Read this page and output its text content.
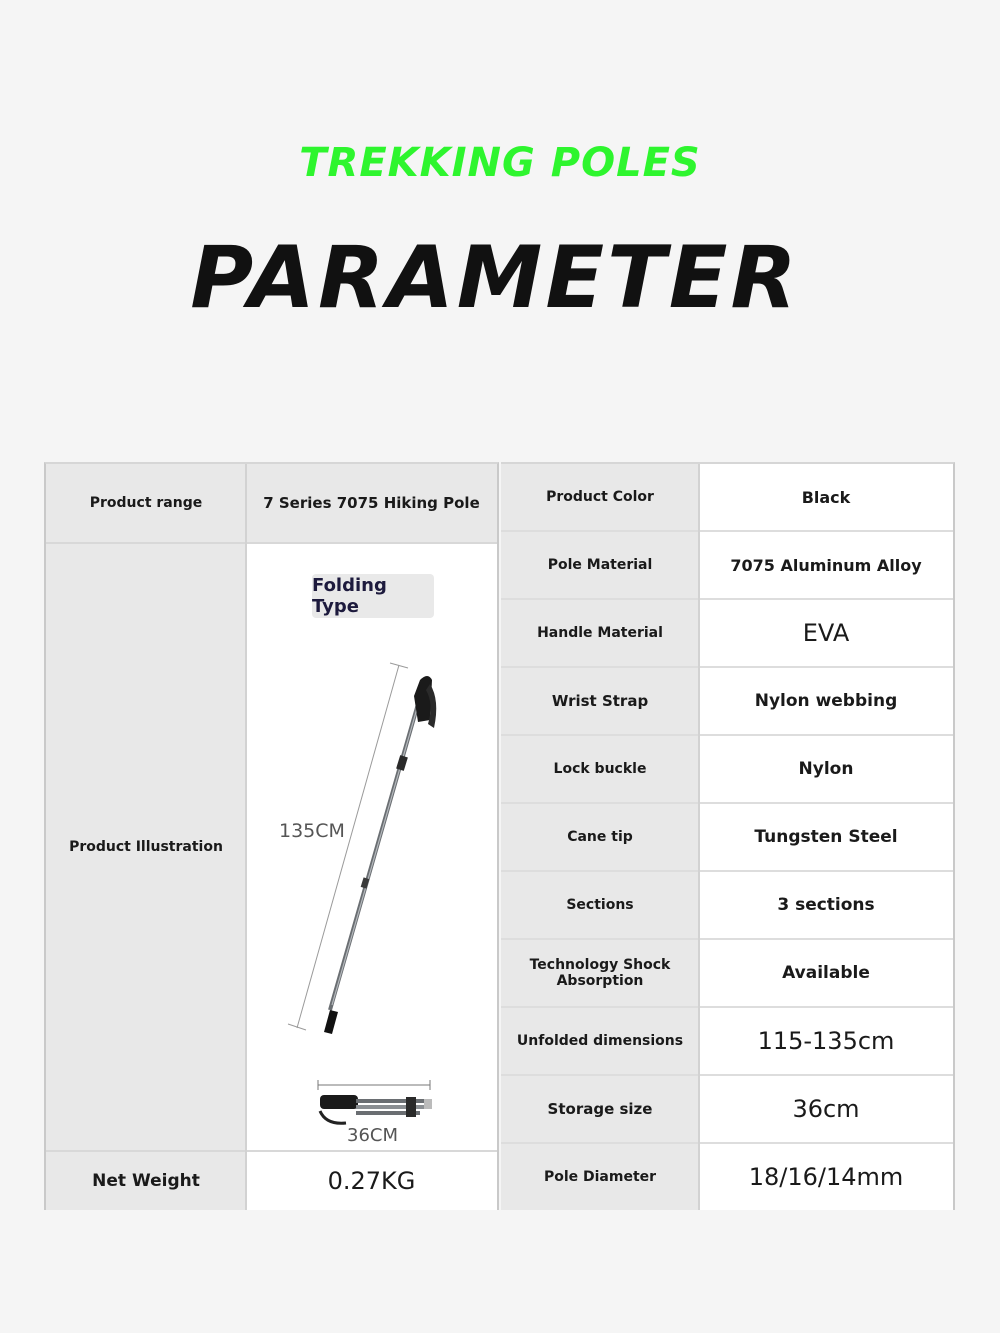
TREKKING POLES
PARAMETER
Product range	7 Series 7075 Hiking Pole
Product Illustration
Net Weight	0.27KG
Folding Type
135CM
36CM
Product Color	Black
Pole Material	7075 Aluminum Alloy
Handle Material	EVA
Wrist Strap	Nylon webbing
Lock buckle	Nylon
Cane tip	Tungsten Steel
Sections	3 sections
Technology Shock Absorption	Available
Unfolded dimensions	115-135cm
Storage size	36cm
Pole Diameter	18/16/14mm
